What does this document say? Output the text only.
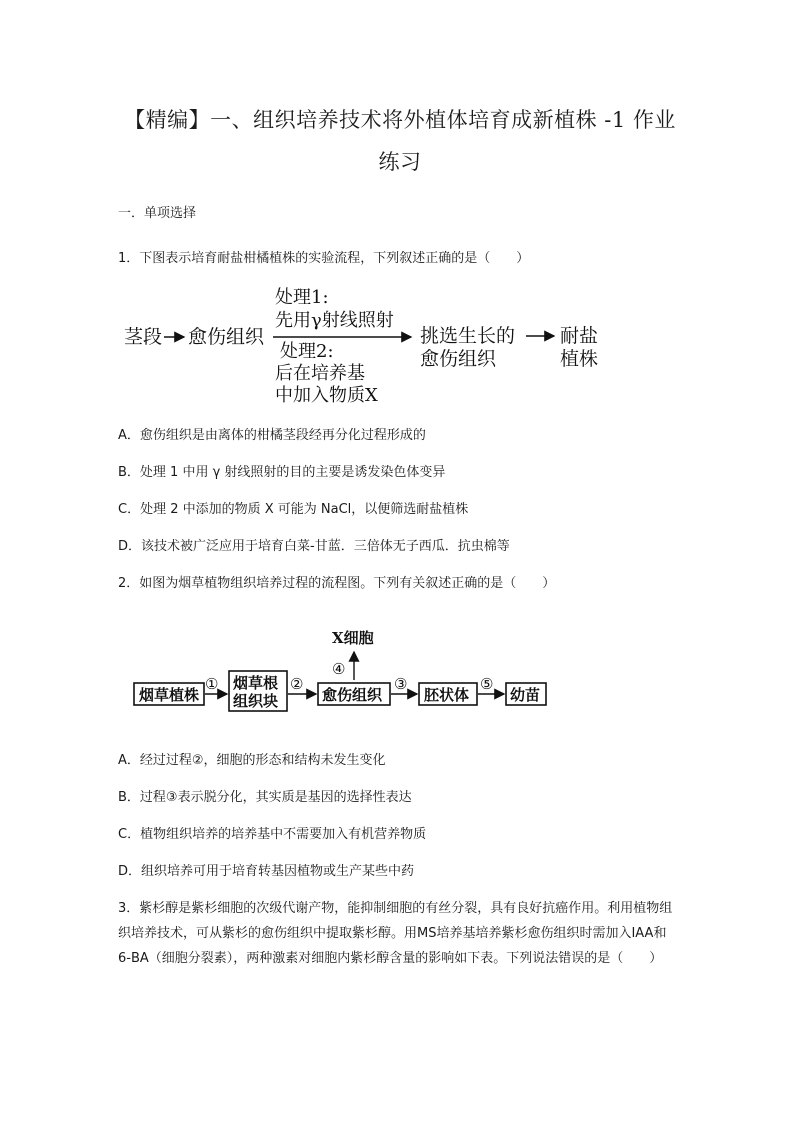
【精编】一、组织培养技术将外植体培育成新植株 -1 作业
练习
一．单项选择
1．下图表示培育耐盐柑橘植株的实验流程，下列叙述正确的是（　　）
茎段 愈伤组织
处理1:
先用γ射线照射
处理2:
后在培养基
中加入物质X
挑选生长的
愈伤组织
耐盐
植株
A．愈伤组织是由离体的柑橘茎段经再分化过程形成的
B．处理 1 中用 γ 射线照射的目的主要是诱发染色体变异
C．处理 2 中添加的物质 X 可能为 NaCl，以便筛选耐盐植株
D．该技术被广泛应用于培育白菜-甘蓝．三倍体无子西瓜．抗虫棉等
2．如图为烟草植物组织培养过程的流程图。下列有关叙述正确的是（　　）
X细胞
④
烟草植株
① 烟草根
组织块
②
愈伤组织
③
胚状体
⑤
幼苗
A．经过过程②，细胞的形态和结构未发生变化
B．过程③表示脱分化，其实质是基因的选择性表达
C．植物组织培养的培养基中不需要加入有机营养物质
D．组织培养可用于培育转基因植物或生产某些中药
3．紫杉醇是紫杉细胞的次级代谢产物，能抑制细胞的有丝分裂，具有良好抗癌作用。利用植物组织培养技术，可从紫杉的愈伤组织中提取紫杉醇。用MS培养基培养紫杉愈伤组织时需加入IAA和6-BA（细胞分裂素），两种激素对细胞内紫杉醇含量的影响如下表。下列说法错误的是（　　）
